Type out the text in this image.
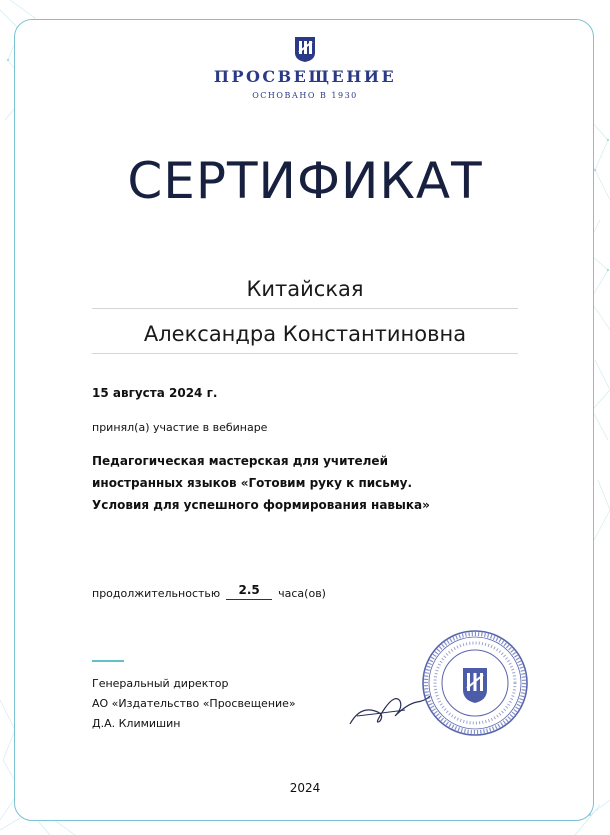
ПРОСВЕЩЕНИЕ
ОСНОВАНО В 1930
СЕРТИФИКАТ
Китайская
Александра Константиновна
15 августа 2024 г.
принял(а) участие в вебинаре
Педагогическая мастерская для учителей
иностранных языков «Готовим руку к письму.
Условия для успешного формирования навыка»
продолжительностью	2.5	часа(ов)
Генеральный директор
АО «Издательство «Просвещение»
Д.А. Климишин
2024
